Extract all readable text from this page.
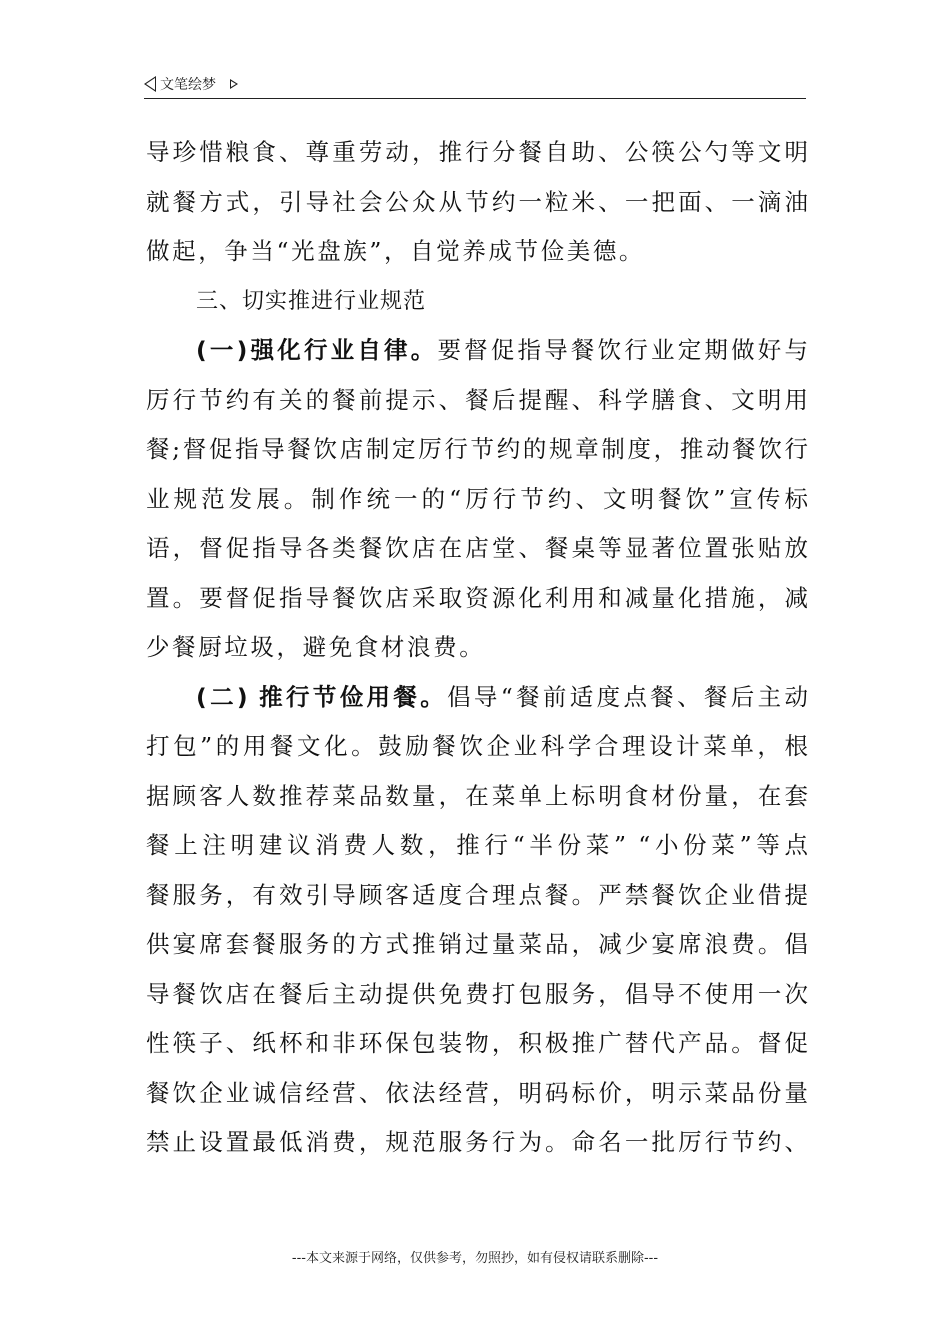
文笔绘梦
导珍惜粮食、尊重劳动，推行分餐自助、公筷公勺等文明
就餐方式，引导社会公众从节约一粒米、一把面、一滴油
做起，争当“光盘族”，自觉养成节俭美德。
三、切实推进行业规范
(一)强化行业自律。要督促指导餐饮行业定期做好与
厉行节约有关的餐前提示、餐后提醒、科学膳食、文明用
餐;督促指导餐饮店制定厉行节约的规章制度，推动餐饮行
业规范发展。制作统一的“厉行节约、文明餐饮”宣传标
语，督促指导各类餐饮店在店堂、餐桌等显著位置张贴放
置。要督促指导餐饮店采取资源化利用和减量化措施，减
少餐厨垃圾，避免食材浪费。
(二) 推行节俭用餐。倡导“餐前适度点餐、餐后主动
打包”的用餐文化。鼓励餐饮企业科学合理设计菜单，根
据顾客人数推荐菜品数量，在菜单上标明食材份量，在套
餐上注明建议消费人数，推行“半份菜” “小份菜”等点
餐服务，有效引导顾客适度合理点餐。严禁餐饮企业借提
供宴席套餐服务的方式推销过量菜品，减少宴席浪费。倡
导餐饮店在餐后主动提供免费打包服务，倡导不使用一次
性筷子、纸杯和非环保包装物，积极推广替代产品。督促
餐饮企业诚信经营、依法经营，明码标价，明示菜品份量
禁止设置最低消费，规范服务行为。命名一批厉行节约、
---本文来源于网络，仅供参考，勿照抄，如有侵权请联系删除---
